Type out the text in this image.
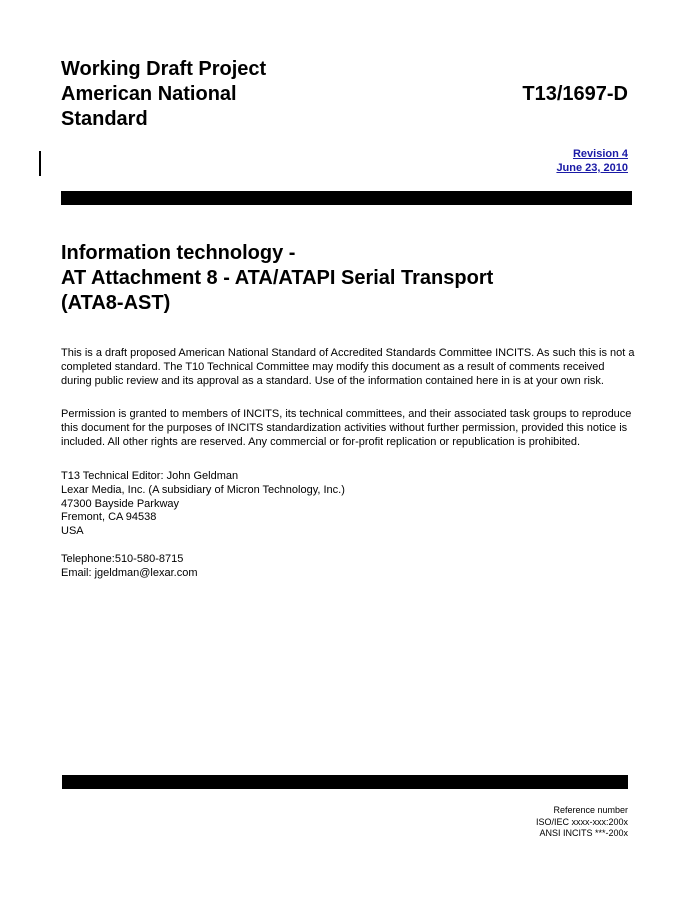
Working Draft Project
American National
Standard
T13/1697-D
Revision 4
June 23, 2010
Information technology -
AT Attachment 8 - ATA/ATAPI Serial Transport
(ATA8-AST)

This is a draft proposed American National Standard of Accredited Standards Committee INCITS. As such this is not a completed standard. The T10 Technical Committee may modify this document as a result of comments received during public review and its approval as a standard. Use of the information contained here in is at your own risk.

Permission is granted to members of INCITS, its technical committees, and their associated task groups to reproduce this document for the purposes of INCITS standardization activities without further permission, provided this notice is included. All other rights are reserved. Any commercial or for-profit replication or republication is prohibited.

T13 Technical Editor: John Geldman
Lexar Media, Inc. (A subsidiary of Micron Technology, Inc.)
47300 Bayside Parkway
Fremont, CA 94538
USA
Telephone:510-580-8715
Email: jgeldman@lexar.com
Reference number
ISO/IEC xxxx-xxx:200x
ANSI INCITS ***-200x
